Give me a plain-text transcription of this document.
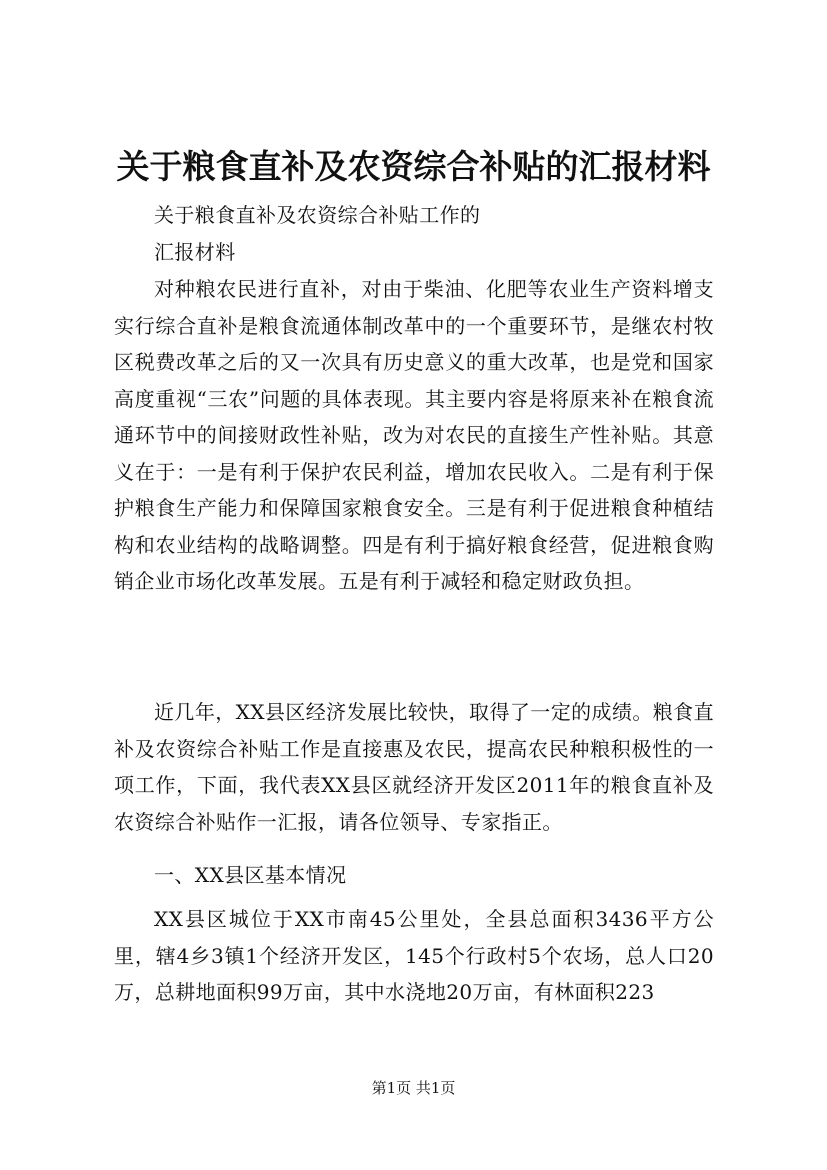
关于粮食直补及农资综合补贴的汇报材料

关于粮食直补及农资综合补贴工作的

汇报材料

对种粮农民进行直补，对由于柴油、化肥等农业生产资料增支实行综合直补是粮食流通体制改革中的一个重要环节，是继农村牧区税费改革之后的又一次具有历史意义的重大改革，也是党和国家高度重视“三农”问题的具体表现。其主要内容是将原来补在粮食流通环节中的间接财政性补贴，改为对农民的直接生产性补贴。其意义在于：一是有利于保护农民利益，增加农民收入。二是有利于保护粮食生产能力和保障国家粮食安全。三是有利于促进粮食种植结构和农业结构的战略调整。四是有利于搞好粮食经营，促进粮食购销企业市场化改革发展。五是有利于减轻和稳定财政负担。

近几年，XX县区经济发展比较快，取得了一定的成绩。粮食直补及农资综合补贴工作是直接惠及农民，提高农民种粮积极性的一项工作，下面，我代表XX县区就经济开发区2011年的粮食直补及农资综合补贴作一汇报，请各位领导、专家指正。

一、XX县区基本情况

XX县区城位于XX市南45公里处，全县总面积3436平方公里，辖4乡3镇1个经济开发区，145个行政村5个农场，总人口20万，总耕地面积99万亩，其中水浇地20万亩，有林面积223

第1页 共1页
